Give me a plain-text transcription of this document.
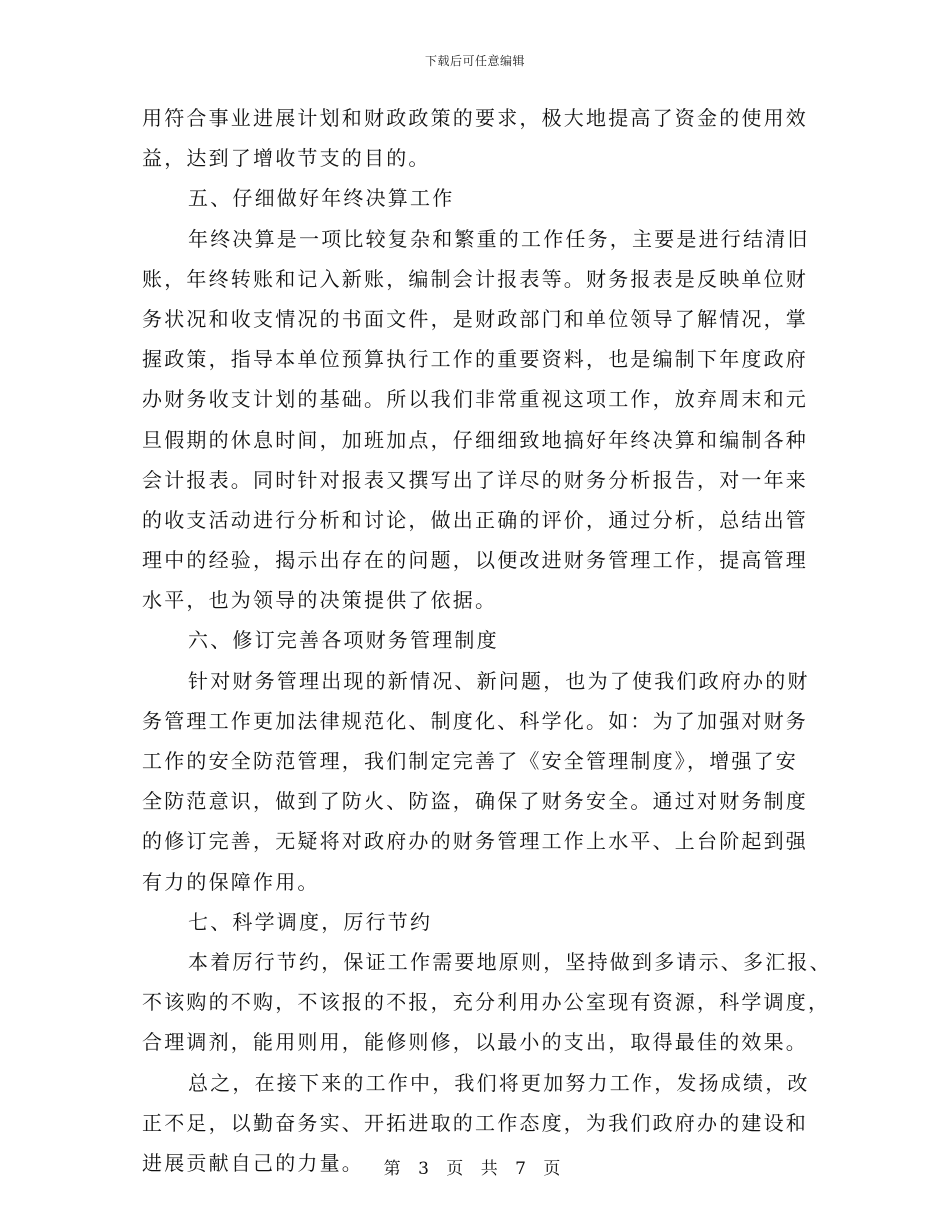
下载后可任意编辑
用符合事业进展计划和财政政策的要求，极大地提高了资金的使用效
益，达到了增收节支的目的。
五、仔细做好年终决算工作
年终决算是一项比较复杂和繁重的工作任务，主要是进行结清旧
账，年终转账和记入新账，编制会计报表等。财务报表是反映单位财
务状况和收支情况的书面文件，是财政部门和单位领导了解情况，掌
握政策，指导本单位预算执行工作的重要资料，也是编制下年度政府
办财务收支计划的基础。所以我们非常重视这项工作，放弃周末和元
旦假期的休息时间，加班加点，仔细细致地搞好年终决算和编制各种
会计报表。同时针对报表又撰写出了详尽的财务分析报告，对一年来
的收支活动进行分析和讨论，做出正确的评价，通过分析，总结出管
理中的经验，揭示出存在的问题，以便改进财务管理工作，提高管理
水平，也为领导的决策提供了依据。
六、修订完善各项财务管理制度
针对财务管理出现的新情况、新问题，也为了使我们政府办的财
务管理工作更加法律规范化、制度化、科学化。如：为了加强对财务
工作的安全防范管理，我们制定完善了《安全管理制度》，增强了安
全防范意识，做到了防火、防盗，确保了财务安全。通过对财务制度
的修订完善，无疑将对政府办的财务管理工作上水平、上台阶起到强
有力的保障作用。
七、科学调度，厉行节约
本着厉行节约，保证工作需要地原则，坚持做到多请示、多汇报、
不该购的不购，不该报的不报，充分利用办公室现有资源，科学调度，
合理调剂，能用则用，能修则修，以最小的支出，取得最佳的效果。
总之，在接下来的工作中，我们将更加努力工作，发扬成绩，改
正不足，以勤奋务实、开拓进取的工作态度，为我们政府办的建设和
进展贡献自己的力量。	第 3 页 共 7 页
